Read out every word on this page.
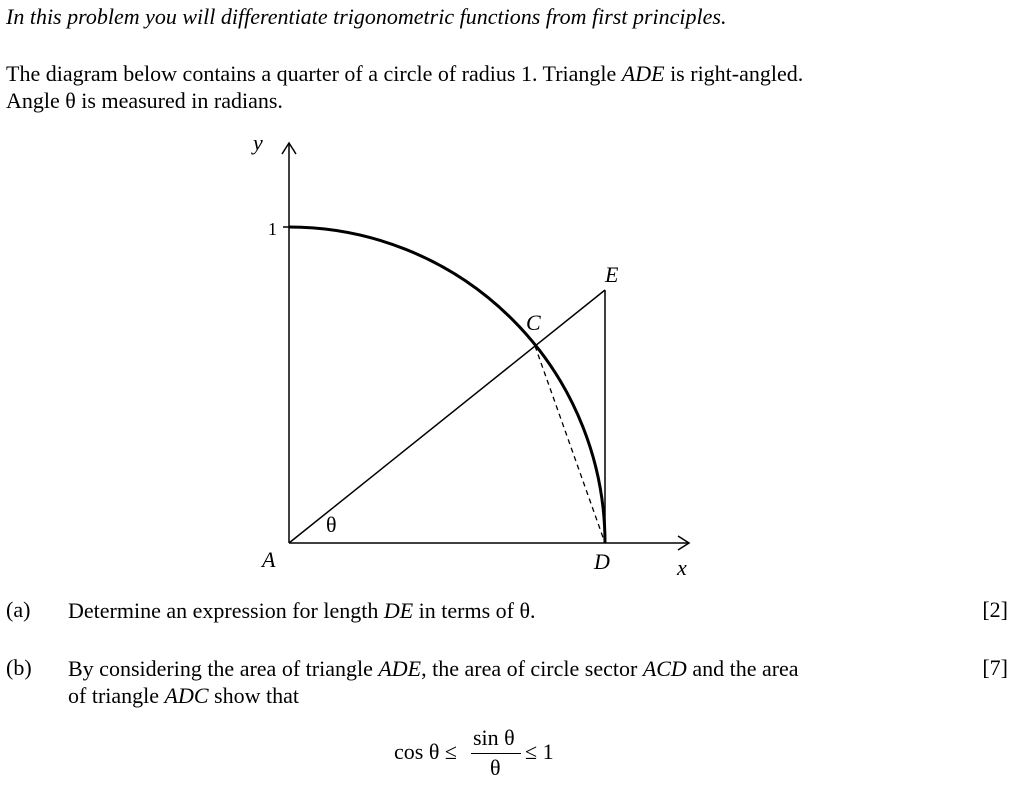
In this problem you will differentiate trigonometric functions from first principles.

The diagram below contains a quarter of a circle of radius 1. Triangle ADE is right-angled.
Angle θ is measured in radians.
y
1
A
C
D
E
x
θ
(a) Determine an expression for length DE in terms of θ.	[2]
(b) By considering the area of triangle ADE, the area of circle sector ACD and the area
of triangle ADC show that
[7]
cos θ ≤
sin θ
θ
≤ 1
